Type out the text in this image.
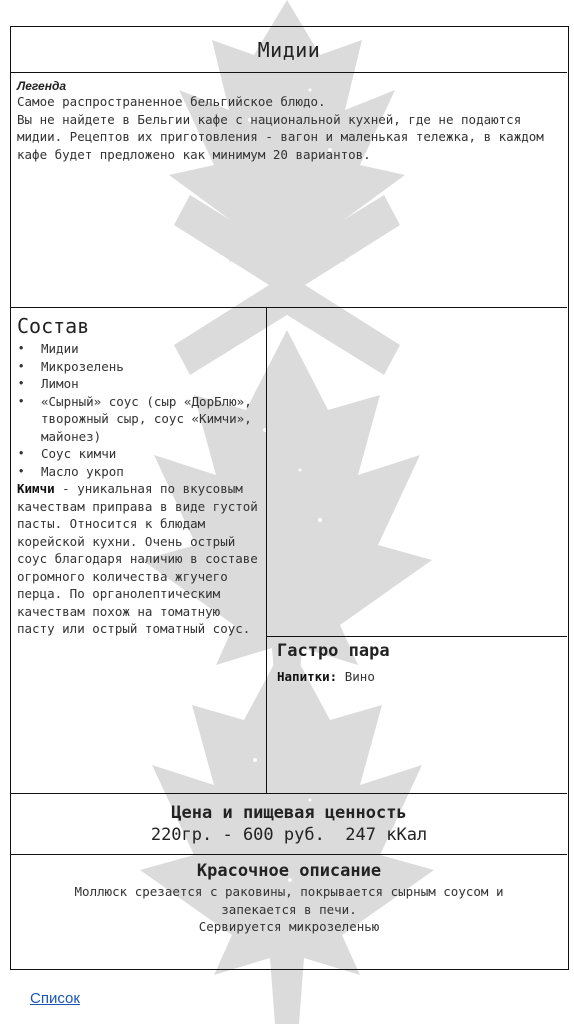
Мидии
Легенда
Самое распространенное бельгийское блюдо.
Вы не найдете в Бельгии кафе с национальной кухней, где не подаются мидии. Рецептов их приготовления - вагон и маленькая тележка, в каждом кафе будет предложено как минимум 20 вариантов.
Состав
• Мидии
• Микрозелень
• Лимон
• «Сырный» соус (сыр «ДорБлю», творожный сыр, соус «Кимчи», майонез)
• Соус кимчи
• Масло укроп

Кимчи - уникальная по вкусовым качествам приправа в виде густой пасты. Относится к блюдам корейской кухни. Очень острый соус благодаря наличию в составе огромного количества жгучего перца. По органолептическим качествам похож на томатную пасту или острый томатный соус.

Гастро пара
Напитки: Вино
Цена и пищевая ценность
220гр. - 600 руб.  247 кКал
Красочное описание
Моллюск срезается с раковины, покрывается сырным соусом и запекается в печи.
Сервируется микрозеленью
Список
